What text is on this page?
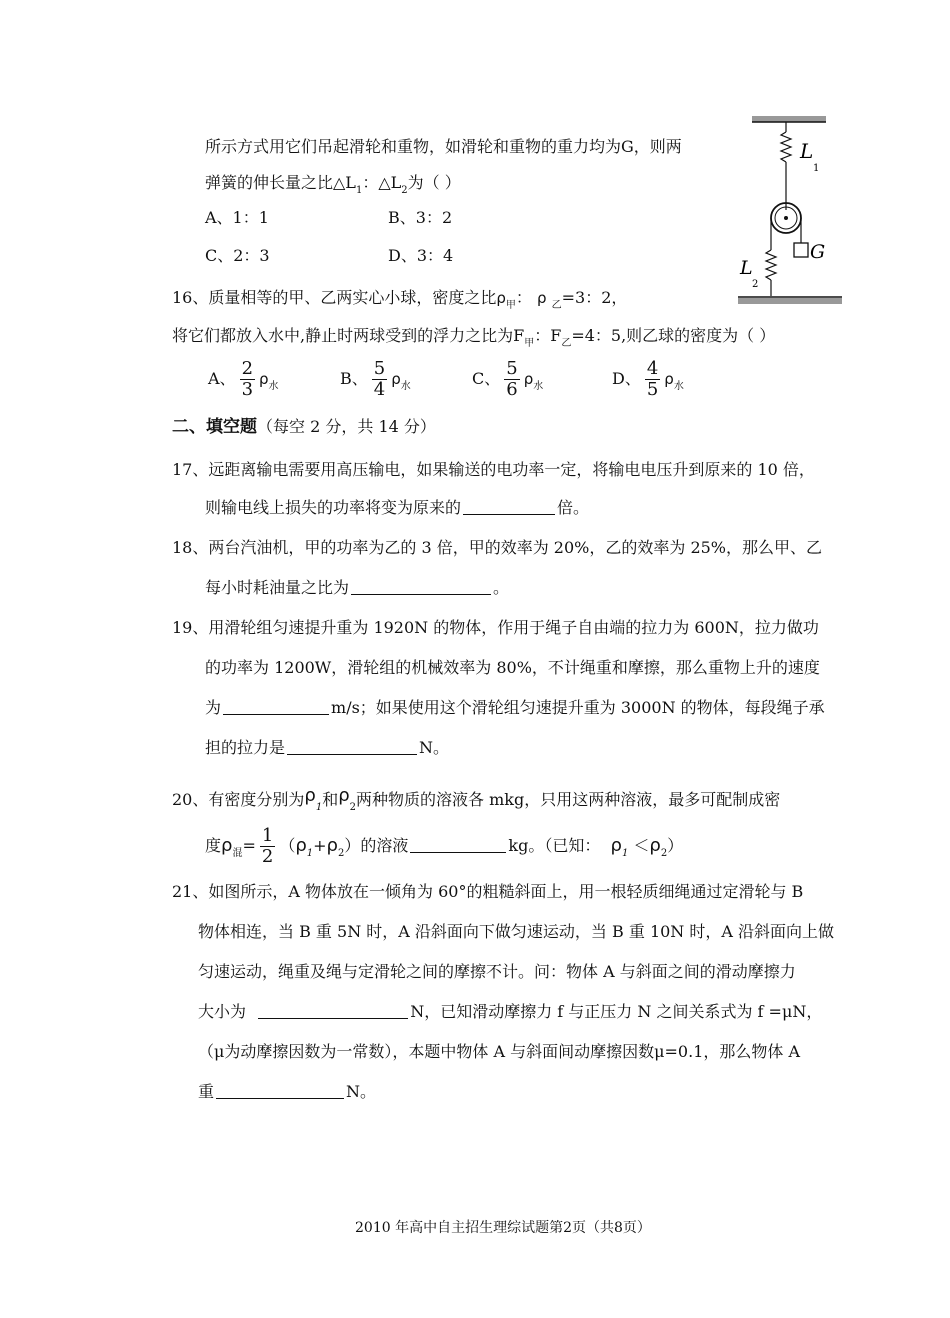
所示方式用它们吊起滑轮和重物，如滑轮和重物的重力均为G，则两
弹簧的伸长量之比$\triangle L_1$：$\triangle L_2$为（ ）
A、1：1	B、3：2
C、2：3	D、3：4
L
1
G
L
2
16、质量相等的甲、乙两实心小球，密度之比$\rho_甲$： ρ $_乙$=3：2，
将它们都放入水中,静止时两球受到的浮力之比为$F_甲$：$F_乙=4$：5,则乙球的密度为（ ）
A、 $\frac{2}{3} \rho_水$	B、 $\frac{5}{4} \rho_水$	C、 $\frac{5}{6} \rho_水$	D、 $\frac{4}{5} \rho_水$
二、填空题（每空 2 分，共 14 分）
17、远距离输电需要用高压输电，如果输送的电功率一定，将输电电压升到原来的 10 倍，
则输电线上损失的功率将变为原来的	倍。
18、两台汽油机，甲的功率为乙的 3 倍，甲的效率为 20%，乙的效率为 25%，那么甲、乙
每小时耗油量之比为	。
19、用滑轮组匀速提升重为 1920N 的物体，作用于绳子自由端的拉力为 600N，拉力做功
的功率为 1200W，滑轮组的机械效率为 80%，不计绳重和摩擦，那么重物上升的速度
为	m/s；如果使用这个滑轮组匀速提升重为 3000N 的物体，每段绳子承
担的拉力是	N。
20、有密度分别为$\rho_1$和$\rho_2$两种物质的溶液各 mkg，只用这两种溶液，最多可配制成密
度$\rho_混= \frac{1}{2} (\rho_1+\rho_2)$的溶液	kg。（已知： $\rho_1 <\rho_2$）
21、如图所示，A 物体放在一倾角为 60°的粗糙斜面上，用一根轻质细绳通过定滑轮与 B
物体相连，当 B 重 5N 时，A 沿斜面向下做匀速运动，当 B 重 10N 时，A 沿斜面向上做
匀速运动，绳重及绳与定滑轮之间的摩擦不计。问：物体 A 与斜面之间的滑动摩擦力
大小为	N，已知滑动摩擦力 f 与正压力 N 之间关系式为 f =μN，
（μ为动摩擦因数为一常数），本题中物体 A 与斜面间动摩擦因数μ=0.1，那么物体 A
重	N。
2010 年高中自主招生理综试题第2页（共8页）
